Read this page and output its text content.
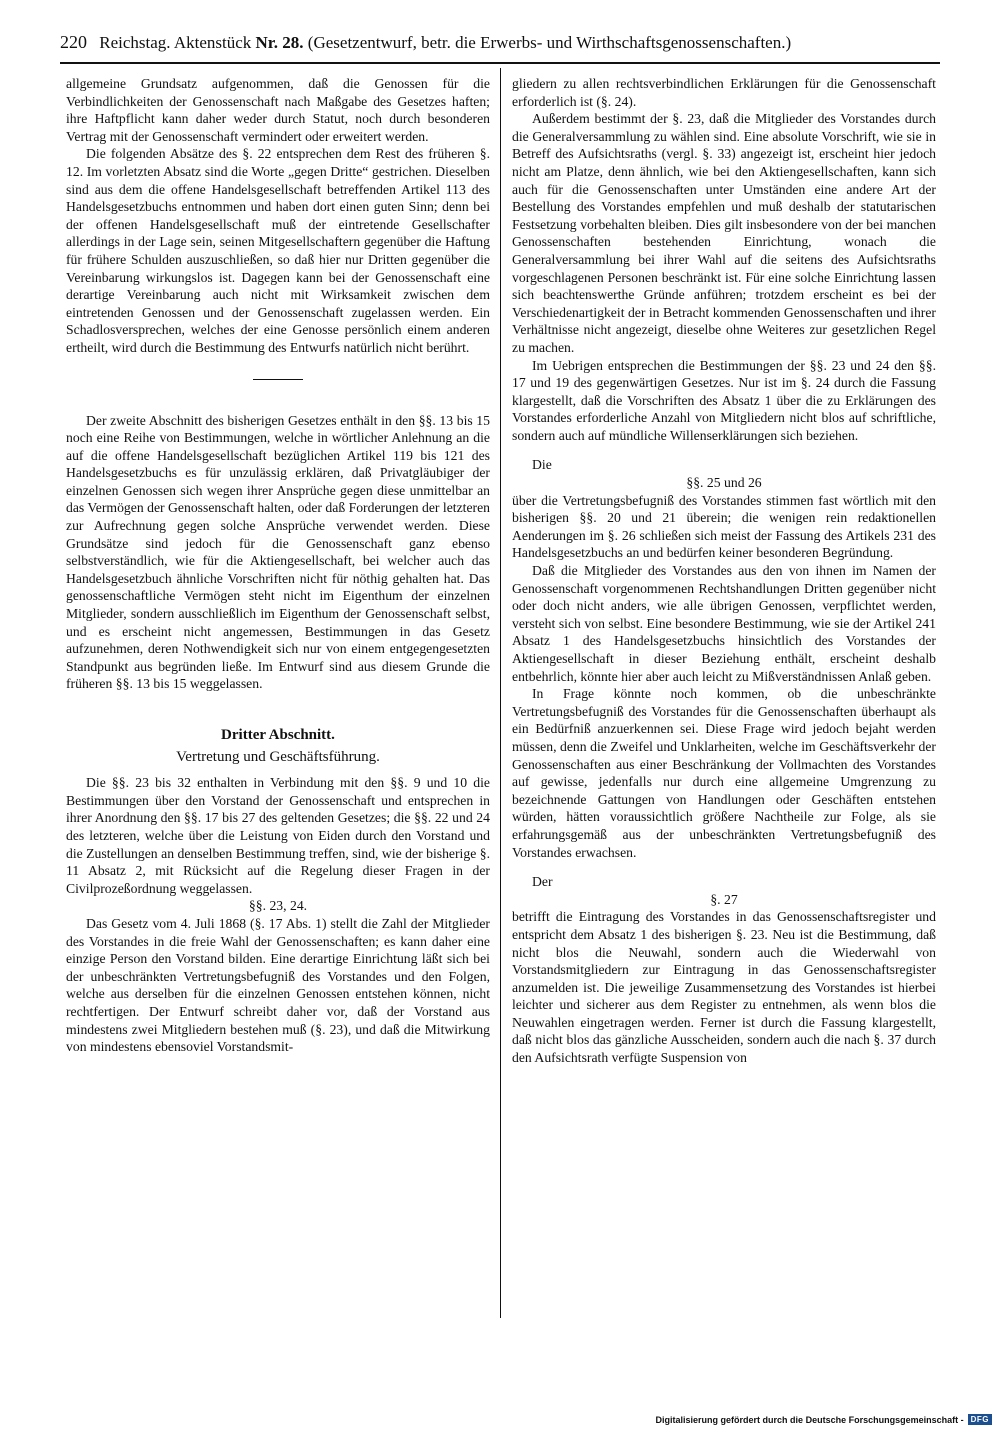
220 Reichstag. Aktenstück Nr. 28. (Gesetzentwurf, betr. die Erwerbs- und Wirthschaftsgenossenschaften.)

allgemeine Grundsatz aufgenommen, daß die Genossen für die Verbindlichkeiten der Genossenschaft nach Maßgabe des Gesetzes haften; ihre Haftpflicht kann daher weder durch Statut, noch durch besonderen Vertrag mit der Genossenschaft vermindert oder erweitert werden.

Die folgenden Absätze des §. 22 entsprechen dem Rest des früheren §. 12. Im vorletzten Absatz sind die Worte „gegen Dritte“ gestrichen. Dieselben sind aus dem die offene Handelsgesellschaft betreffenden Artikel 113 des Handelsgesetzbuchs entnommen und haben dort einen guten Sinn; denn bei der offenen Handelsgesellschaft muß der eintretende Gesellschafter allerdings in der Lage sein, seinen Mitgesellschaftern gegenüber die Haftung für frühere Schulden auszuschließen, so daß hier nur Dritten gegenüber die Vereinbarung wirkungslos ist. Dagegen kann bei der Genossenschaft eine derartige Vereinbarung auch nicht mit Wirksamkeit zwischen dem eintretenden Genossen und der Genossenschaft zugelassen werden. Ein Schadlosversprechen, welches der eine Genosse persönlich einem anderen ertheilt, wird durch die Bestimmung des Entwurfs natürlich nicht berührt.

Der zweite Abschnitt des bisherigen Gesetzes enthält in den §§. 13 bis 15 noch eine Reihe von Bestimmungen, welche in wörtlicher Anlehnung an die auf die offene Handelsgesellschaft bezüglichen Artikel 119 bis 121 des Handelsgesetzbuchs es für unzulässig erklären, daß Privatgläubiger der einzelnen Genossen sich wegen ihrer Ansprüche gegen diese unmittelbar an das Vermögen der Genossenschaft halten, oder daß Forderungen der letzteren zur Aufrechnung gegen solche Ansprüche verwendet werden. Diese Grundsätze sind jedoch für die Genossenschaft ganz ebenso selbstverständlich, wie für die Aktiengesellschaft, bei welcher auch das Handelsgesetzbuch ähnliche Vorschriften nicht für nöthig gehalten hat. Das genossenschaftliche Vermögen steht nicht im Eigenthum der einzelnen Mitglieder, sondern ausschließlich im Eigenthum der Genossenschaft selbst, und es erscheint nicht angemessen, Bestimmungen in das Gesetz aufzunehmen, deren Nothwendigkeit sich nur von einem entgegengesetzten Standpunkt aus begründen ließe. Im Entwurf sind aus diesem Grunde die früheren §§. 13 bis 15 weggelassen.

Dritter Abschnitt.
Vertretung und Geschäftsführung.

Die §§. 23 bis 32 enthalten in Verbindung mit den §§. 9 und 10 die Bestimmungen über den Vorstand der Genossenschaft und entsprechen in ihrer Anordnung den §§. 17 bis 27 des geltenden Gesetzes; die §§. 22 und 24 des letzteren, welche über die Leistung von Eiden durch den Vorstand und die Zustellungen an denselben Bestimmung treffen, sind, wie der bisherige §. 11 Absatz 2, mit Rücksicht auf die Regelung dieser Fragen in der Civilprozeßordnung weggelassen.

§§. 23, 24.

Das Gesetz vom 4. Juli 1868 (§. 17 Abs. 1) stellt die Zahl der Mitglieder des Vorstandes in die freie Wahl der Genossenschaften; es kann daher eine einzige Person den Vorstand bilden. Eine derartige Einrichtung läßt sich bei der unbeschränkten Vertretungsbefugniß des Vorstandes und den Folgen, welche aus derselben für die einzelnen Genossen entstehen können, nicht rechtfertigen. Der Entwurf schreibt daher vor, daß der Vorstand aus mindestens zwei Mitgliedern bestehen muß (§. 23), und daß die Mitwirkung von mindestens ebensoviel Vorstandsmit-

gliedern zu allen rechtsverbindlichen Erklärungen für die Genossenschaft erforderlich ist (§. 24).

Außerdem bestimmt der §. 23, daß die Mitglieder des Vorstandes durch die Generalversammlung zu wählen sind. Eine absolute Vorschrift, wie sie in Betreff des Aufsichtsraths (vergl. §. 33) angezeigt ist, erscheint hier jedoch nicht am Platze, denn ähnlich, wie bei den Aktiengesellschaften, kann sich auch für die Genossenschaften unter Umständen eine andere Art der Bestellung des Vorstandes empfehlen und muß deshalb der statutarischen Festsetzung vorbehalten bleiben. Dies gilt insbesondere von der bei manchen Genossenschaften bestehenden Einrichtung, wonach die Generalversammlung bei ihrer Wahl auf die seitens des Aufsichtsraths vorgeschlagenen Personen beschränkt ist. Für eine solche Einrichtung lassen sich beachtenswerthe Gründe anführen; trotzdem erscheint es bei der Verschiedenartigkeit der in Betracht kommenden Genossenschaften und ihrer Verhältnisse nicht angezeigt, dieselbe ohne Weiteres zur gesetzlichen Regel zu machen.

Im Uebrigen entsprechen die Bestimmungen der §§. 23 und 24 den §§. 17 und 19 des gegenwärtigen Gesetzes. Nur ist im §. 24 durch die Fassung klargestellt, daß die Vorschriften des Absatz 1 über die zu Erklärungen des Vorstandes erforderliche Anzahl von Mitgliedern nicht blos auf schriftliche, sondern auch auf mündliche Willenserklärungen sich beziehen.

Die

§§. 25 und 26

über die Vertretungsbefugniß des Vorstandes stimmen fast wörtlich mit den bisherigen §§. 20 und 21 überein; die wenigen rein redaktionellen Aenderungen im §. 26 schließen sich meist der Fassung des Artikels 231 des Handelsgesetzbuchs an und bedürfen keiner besonderen Begründung.

Daß die Mitglieder des Vorstandes aus den von ihnen im Namen der Genossenschaft vorgenommenen Rechtshandlungen Dritten gegenüber nicht oder doch nicht anders, wie alle übrigen Genossen, verpflichtet werden, versteht sich von selbst. Eine besondere Bestimmung, wie sie der Artikel 241 Absatz 1 des Handelsgesetzbuchs hinsichtlich des Vorstandes der Aktiengesellschaft in dieser Beziehung enthält, erscheint deshalb entbehrlich, könnte hier aber auch leicht zu Mißverständnissen Anlaß geben.

In Frage könnte noch kommen, ob die unbeschränkte Vertretungsbefugniß des Vorstandes für die Genossenschaften überhaupt als ein Bedürfniß anzuerkennen sei. Diese Frage wird jedoch bejaht werden müssen, denn die Zweifel und Unklarheiten, welche im Geschäftsverkehr der Genossenschaften aus einer Beschränkung der Vollmachten des Vorstandes auf gewisse, jedenfalls nur durch eine allgemeine Umgrenzung zu bezeichnende Gattungen von Handlungen oder Geschäften entstehen würden, hätten voraussichtlich größere Nachtheile zur Folge, als sie erfahrungsgemäß aus der unbeschränkten Vertretungsbefugniß des Vorstandes erwachsen.

Der

§. 27

betrifft die Eintragung des Vorstandes in das Genossenschaftsregister und entspricht dem Absatz 1 des bisherigen §. 23. Neu ist die Bestimmung, daß nicht blos die Neuwahl, sondern auch die Wiederwahl von Vorstandsmitgliedern zur Eintragung in das Genossenschaftsregister anzumelden ist. Die jeweilige Zusammensetzung des Vorstandes ist hierbei leichter und sicherer aus dem Register zu entnehmen, als wenn blos die Neuwahlen eingetragen werden. Ferner ist durch die Fassung klargestellt, daß nicht blos das gänzliche Ausscheiden, sondern auch die nach §. 37 durch den Aufsichtsrath verfügte Suspension von

Digitalisierung gefördert durch die Deutsche Forschungsgemeinschaft - DFG
